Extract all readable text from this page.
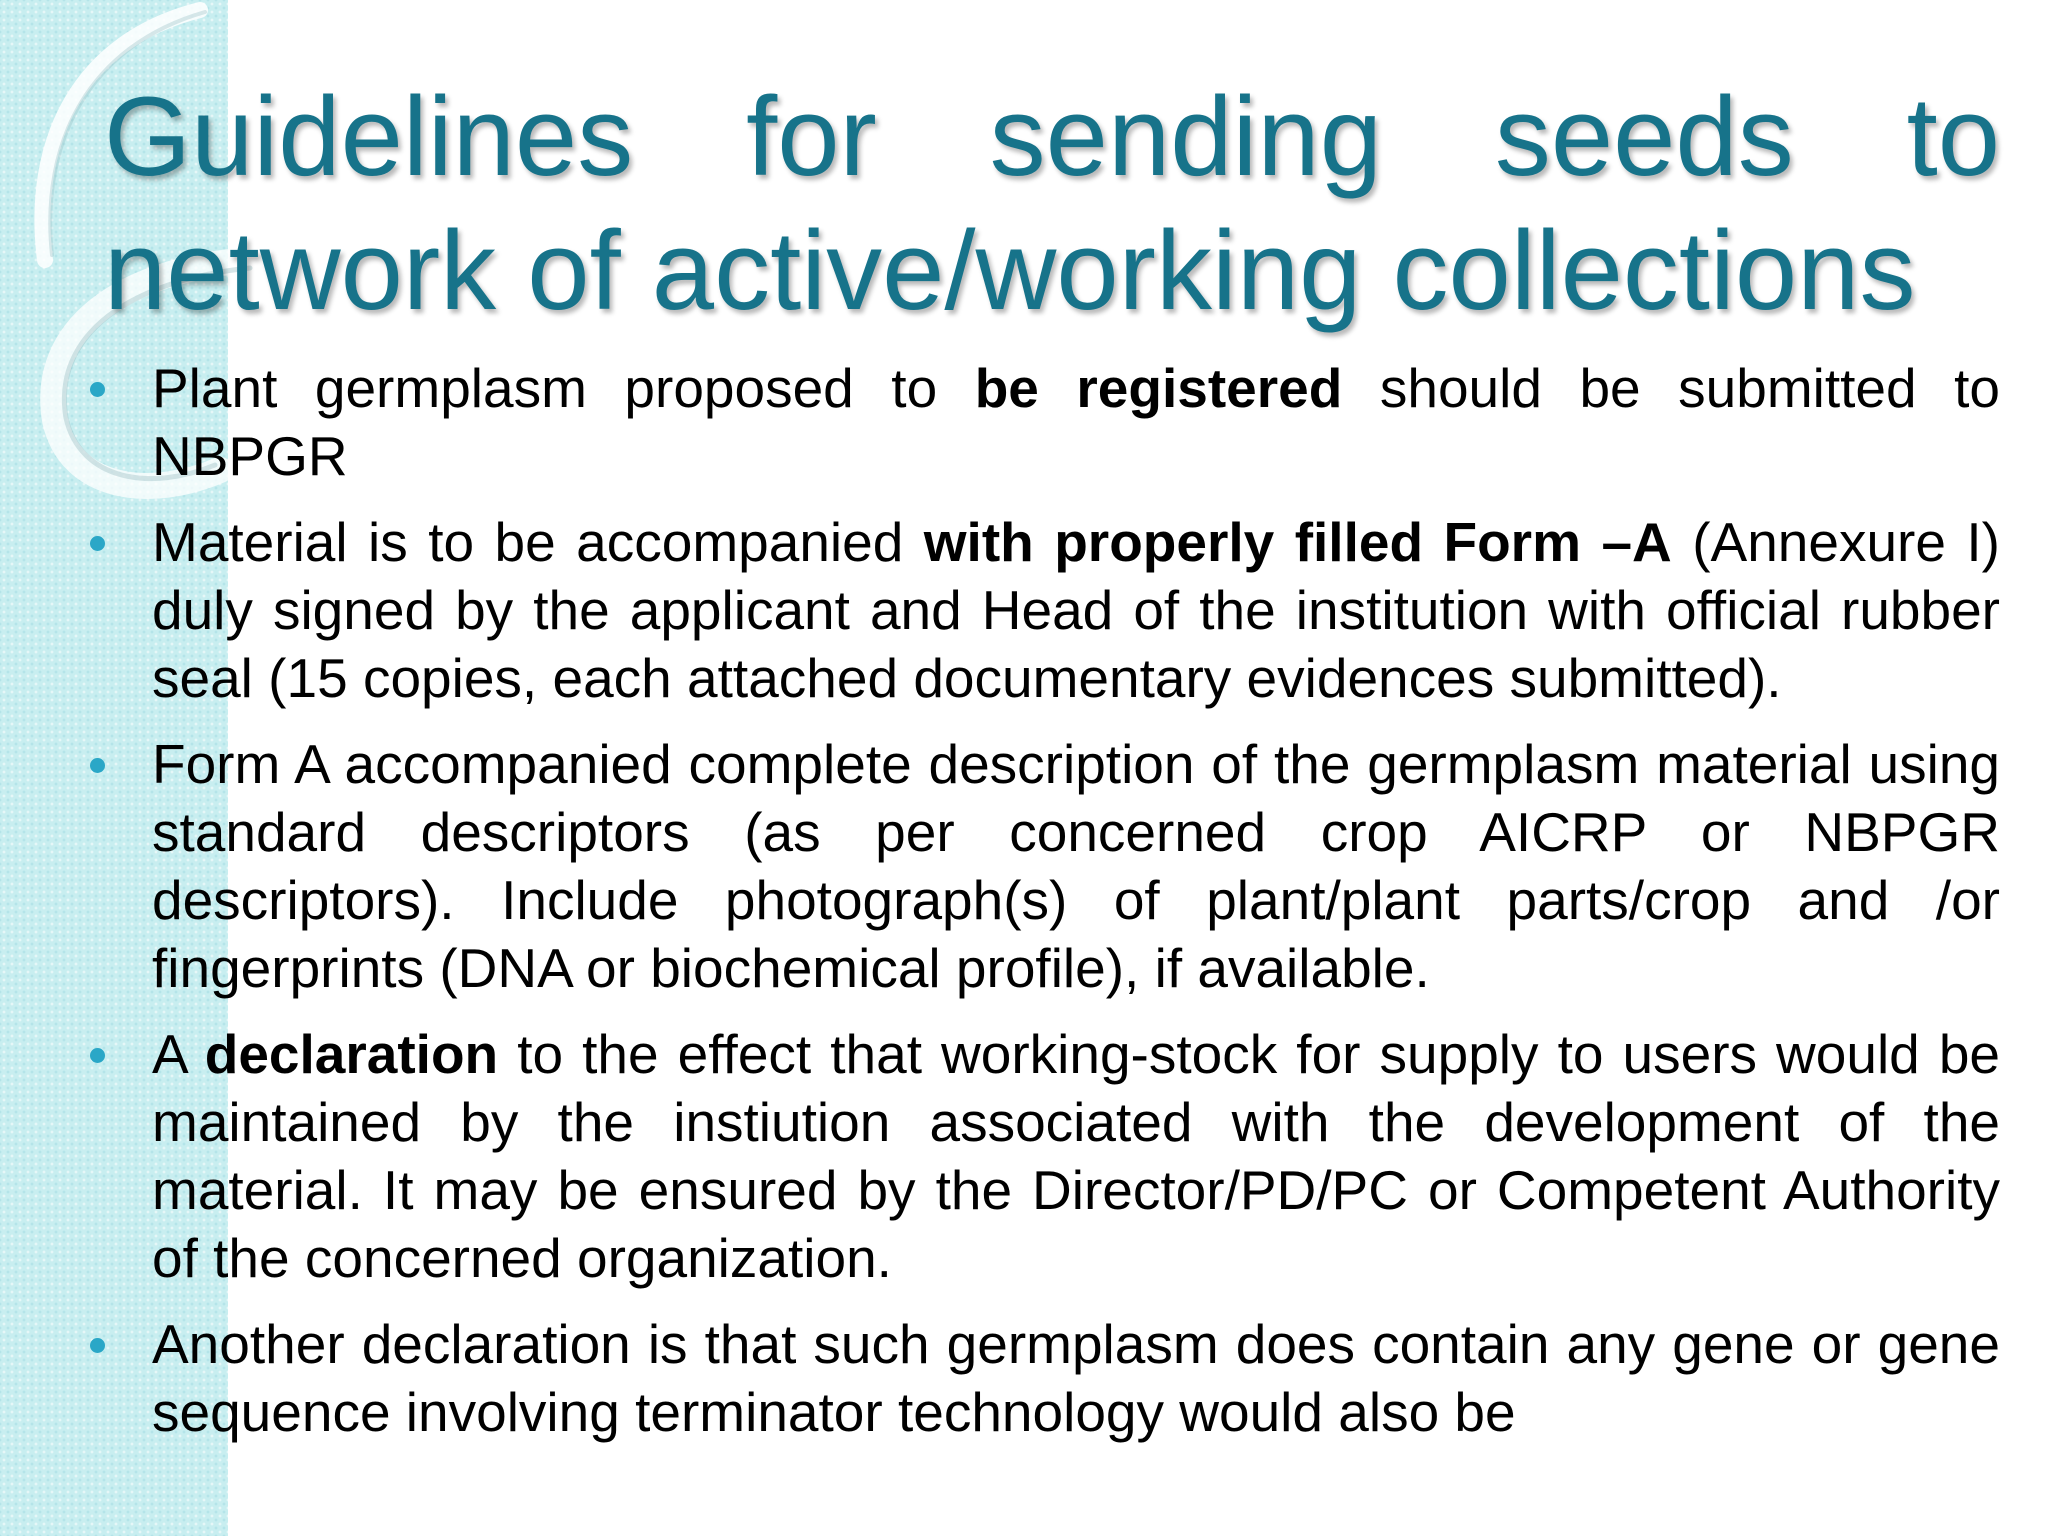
Guidelines for sending seeds to network of active/working collections
Plant germplasm proposed to be registered should be submitted to NBPGR
Material is to be accompanied with properly filled Form –A (Annexure I) duly signed by the applicant and Head of the institution with official rubber seal (15 copies, each attached documentary evidences submitted).
Form A accompanied complete description of the germplasm material using standard descriptors (as per concerned crop AICRP or NBPGR descriptors). Include photograph(s) of plant/plant parts/crop and /or fingerprints (DNA or biochemical profile), if available.
A declaration to the effect that working-stock for supply to users would be maintained by the instiution associated with the development of the material. It may be ensured by the Director/PD/PC or Competent Authority of the concerned organization.
Another declaration is that such germplasm does contain any gene or gene sequence involving terminator technology would also be
